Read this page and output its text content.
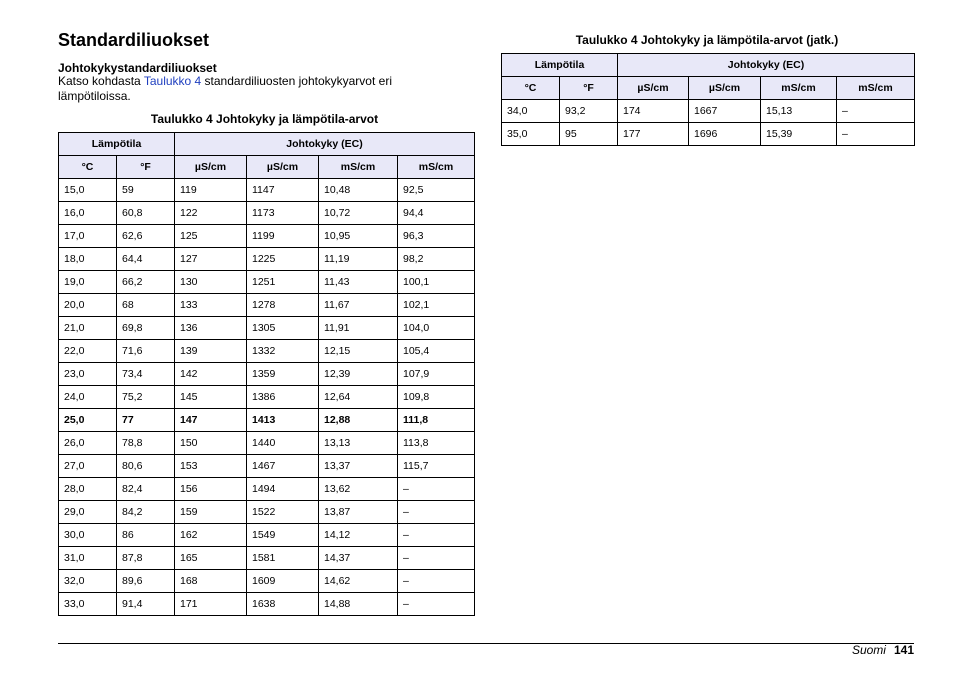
Standardiliuokset
Johtokykystandardiliuokset
Katso kohdasta Taulukko 4 standardiliuosten johtokykyarvot eri lämpötiloissa.
Taulukko 4 Johtokyky ja lämpötila-arvot
Lämpötila		Johtokyky (EC)			
°C	°F	µS/cm	µS/cm	mS/cm	mS/cm
15,0	59	119	1147	10,48	92,5
16,0	60,8	122	1173	10,72	94,4
17,0	62,6	125	1199	10,95	96,3
18,0	64,4	127	1225	11,19	98,2
19,0	66,2	130	1251	11,43	100,1
20,0	68	133	1278	11,67	102,1
21,0	69,8	136	1305	11,91	104,0
22,0	71,6	139	1332	12,15	105,4
23,0	73,4	142	1359	12,39	107,9
24,0	75,2	145	1386	12,64	109,8
25,0	77	147	1413	12,88	111,8
26,0	78,8	150	1440	13,13	113,8
27,0	80,6	153	1467	13,37	115,7
28,0	82,4	156	1494	13,62	–
29,0	84,2	159	1522	13,87	–
30,0	86	162	1549	14,12	–
31,0	87,8	165	1581	14,37	–
32,0	89,6	168	1609	14,62	–
33,0	91,4	171	1638	14,88	–
Taulukko 4 Johtokyky ja lämpötila-arvot (jatk.)
Lämpötila		Johtokyky (EC)			
°C	°F	µS/cm	µS/cm	mS/cm	mS/cm
34,0	93,2	174	1667	15,13	–
35,0	95	177	1696	15,39	–
Suomi 141
